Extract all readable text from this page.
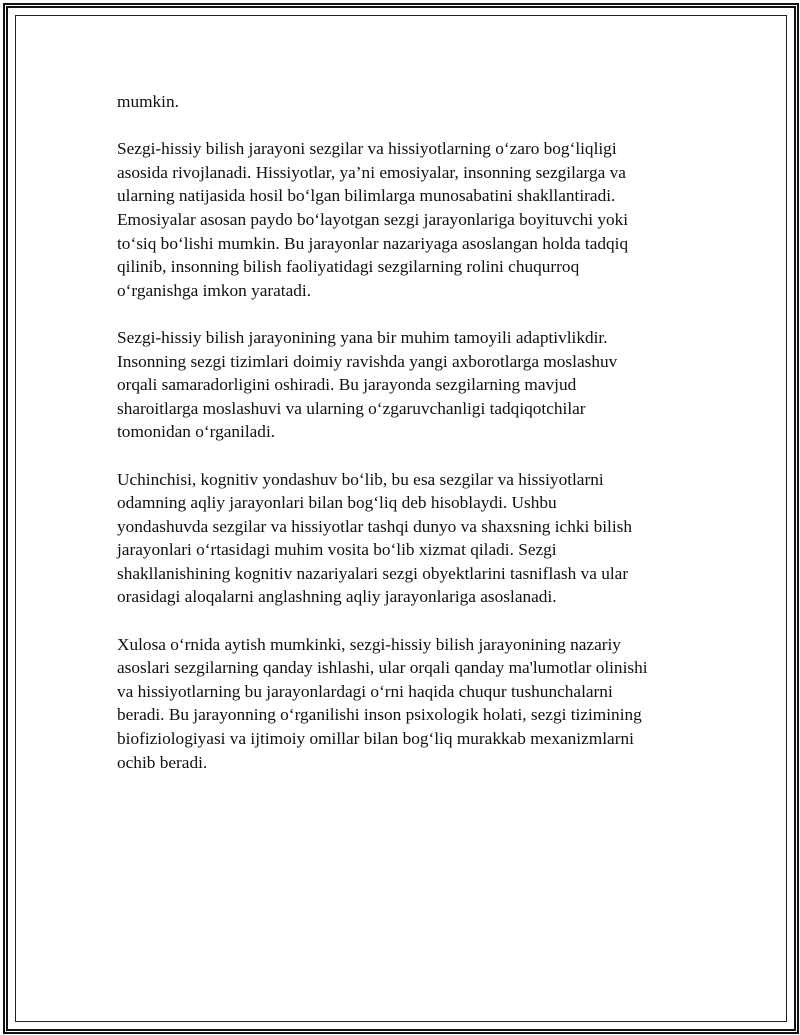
mumkin.

Sezgi-hissiy bilish jarayoni sezgilar va hissiyotlarning o‘zaro bog‘liqligi
asosida rivojlanadi. Hissiyotlar, ya’ni emosiyalar, insonning sezgilarga va
ularning natijasida hosil bo‘lgan bilimlarga munosabatini shakllantiradi.
Emosiyalar asosan paydo bo‘layotgan sezgi jarayonlariga boyituvchi yoki
to‘siq bo‘lishi mumkin. Bu jarayonlar nazariyaga asoslangan holda tadqiq
qilinib, insonning bilish faoliyatidagi sezgilarning rolini chuqurroq
o‘rganishga imkon yaratadi.

Sezgi-hissiy bilish jarayonining yana bir muhim tamoyili adaptivlikdir.
Insonning sezgi tizimlari doimiy ravishda yangi axborotlarga moslashuv
orqali samaradorligini oshiradi. Bu jarayonda sezgilarning mavjud
sharoitlarga moslashuvi va ularning o‘zgaruvchanligi tadqiqotchilar
tomonidan o‘rganiladi.

Uchinchisi, kognitiv yondashuv bo‘lib, bu esa sezgilar va hissiyotlarni
odamning aqliy jarayonlari bilan bog‘liq deb hisoblaydi. Ushbu
yondashuvda sezgilar va hissiyotlar tashqi dunyo va shaxsning ichki bilish
jarayonlari o‘rtasidagi muhim vosita bo‘lib xizmat qiladi. Sezgi
shakllanishining kognitiv nazariyalari sezgi obyektlarini tasniflash va ular
orasidagi aloqalarni anglashning aqliy jarayonlariga asoslanadi.

Xulosa o‘rnida aytish mumkinki, sezgi-hissiy bilish jarayonining nazariy
asoslari sezgilarning qanday ishlashi, ular orqali qanday ma'lumotlar olinishi
va hissiyotlarning bu jarayonlardagi o‘rni haqida chuqur tushunchalarni
beradi. Bu jarayonning o‘rganilishi inson psixologik holati, sezgi tizimining
biofiziologiyasi va ijtimoiy omillar bilan bog‘liq murakkab mexanizmlarni
ochib beradi.
